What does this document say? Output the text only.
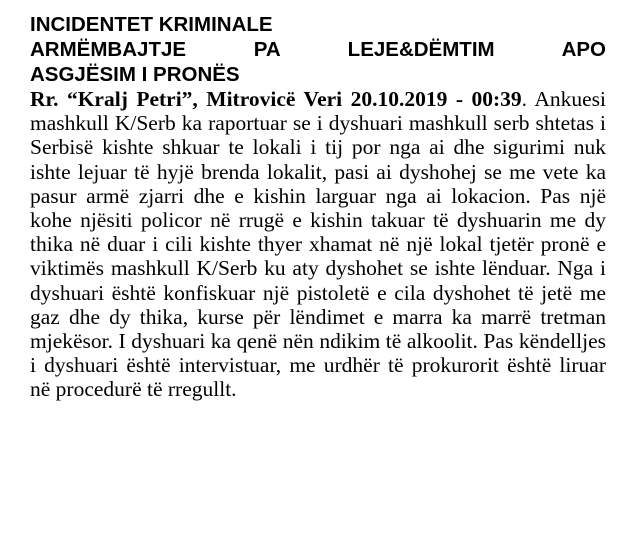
INCIDENTET KRIMINALE
ARMËMBAJTJE PA LEJE&DËMTIM APO
ASGJËSIM I PRONËS

Rr. “Kralj Petri”, Mitrovicë Veri 20.10.2019 - 00:39. Ankuesi mashkull K/Serb ka raportuar se i dyshuari mashkull serb shtetas i Serbisë kishte shkuar te lokali i tij por nga ai dhe sigurimi nuk ishte lejuar të hyjë brenda lokalit, pasi ai dyshohej se me vete ka pasur armë zjarri dhe e kishin larguar nga ai lokacion. Pas një kohe njësiti policor në rrugë e kishin takuar të dyshuarin me dy thika në duar i cili kishte thyer xhamat në një lokal tjetër pronë e viktimës mashkull K/Serb ku aty dyshohet se ishte lënduar. Nga i dyshuari është konfiskuar një pistoletë e cila dyshohet të jetë me gaz dhe dy thika, kurse për lëndimet e marra ka marrë tretman mjekësor. I dyshuari ka qenë nën ndikim të alkoolit. Pas këndelljes i dyshuari është intervistuar, me urdhër të prokurorit është liruar në procedurë të rregullt.
